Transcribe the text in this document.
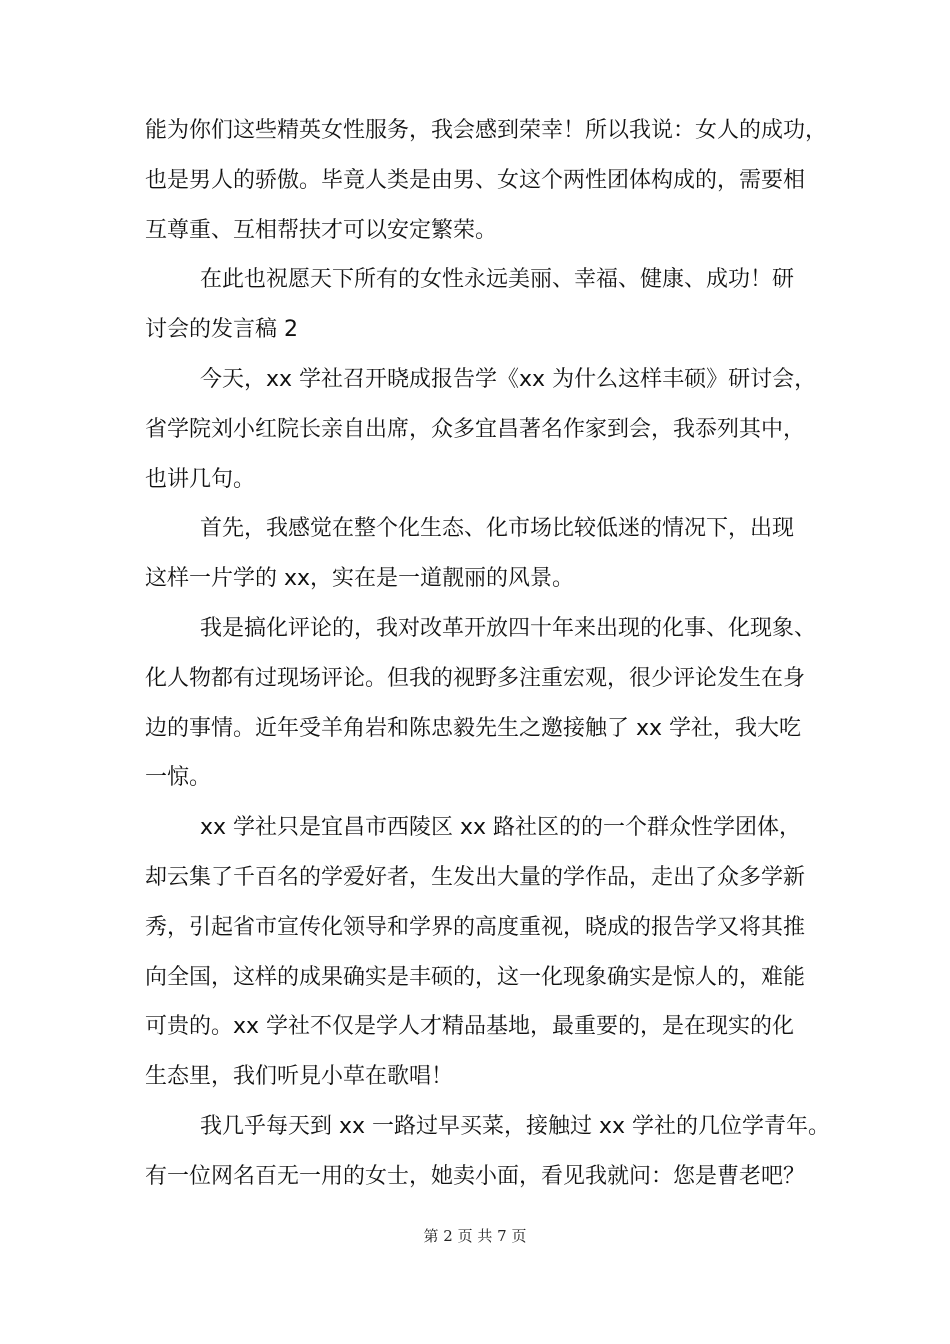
能为你们这些精英女性服务，我会感到荣幸！所以我说：女人的成功，
也是男人的骄傲。毕竟人类是由男、女这个两性团体构成的，需要相
互尊重、互相帮扶才可以安定繁荣。
在此也祝愿天下所有的女性永远美丽、幸福、健康、成功！研
讨会的发言稿 2
今天，xx 学社召开晓成报告学《xx 为什么这样丰硕》研讨会，
省学院刘小红院长亲自出席，众多宜昌著名作家到会，我忝列其中，
也讲几句。
首先，我感觉在整个化生态、化市场比较低迷的情况下，出现
这样一片学的 xx，实在是一道靓丽的风景。
我是搞化评论的，我对改革开放四十年来出现的化事、化现象、
化人物都有过现场评论。但我的视野多注重宏观，很少评论发生在身
边的事情。近年受羊角岩和陈忠毅先生之邀接触了 xx 学社，我大吃
一惊。
xx 学社只是宜昌市西陵区 xx 路社区的的一个群众性学团体，
却云集了千百名的学爱好者，生发出大量的学作品，走出了众多学新
秀，引起省市宣传化领导和学界的高度重视，晓成的报告学又将其推
向全国，这样的成果确实是丰硕的，这一化现象确实是惊人的，难能
可贵的。xx 学社不仅是学人才精品基地，最重要的，是在现实的化
生态里，我们听見小草在歌唱！
我几乎每天到 xx 一路过早买菜，接触过 xx 学社的几位学青年。
有一位网名百无一用的女士，她卖小面，看见我就问：您是曹老吧？
第 2 页 共 7 页
